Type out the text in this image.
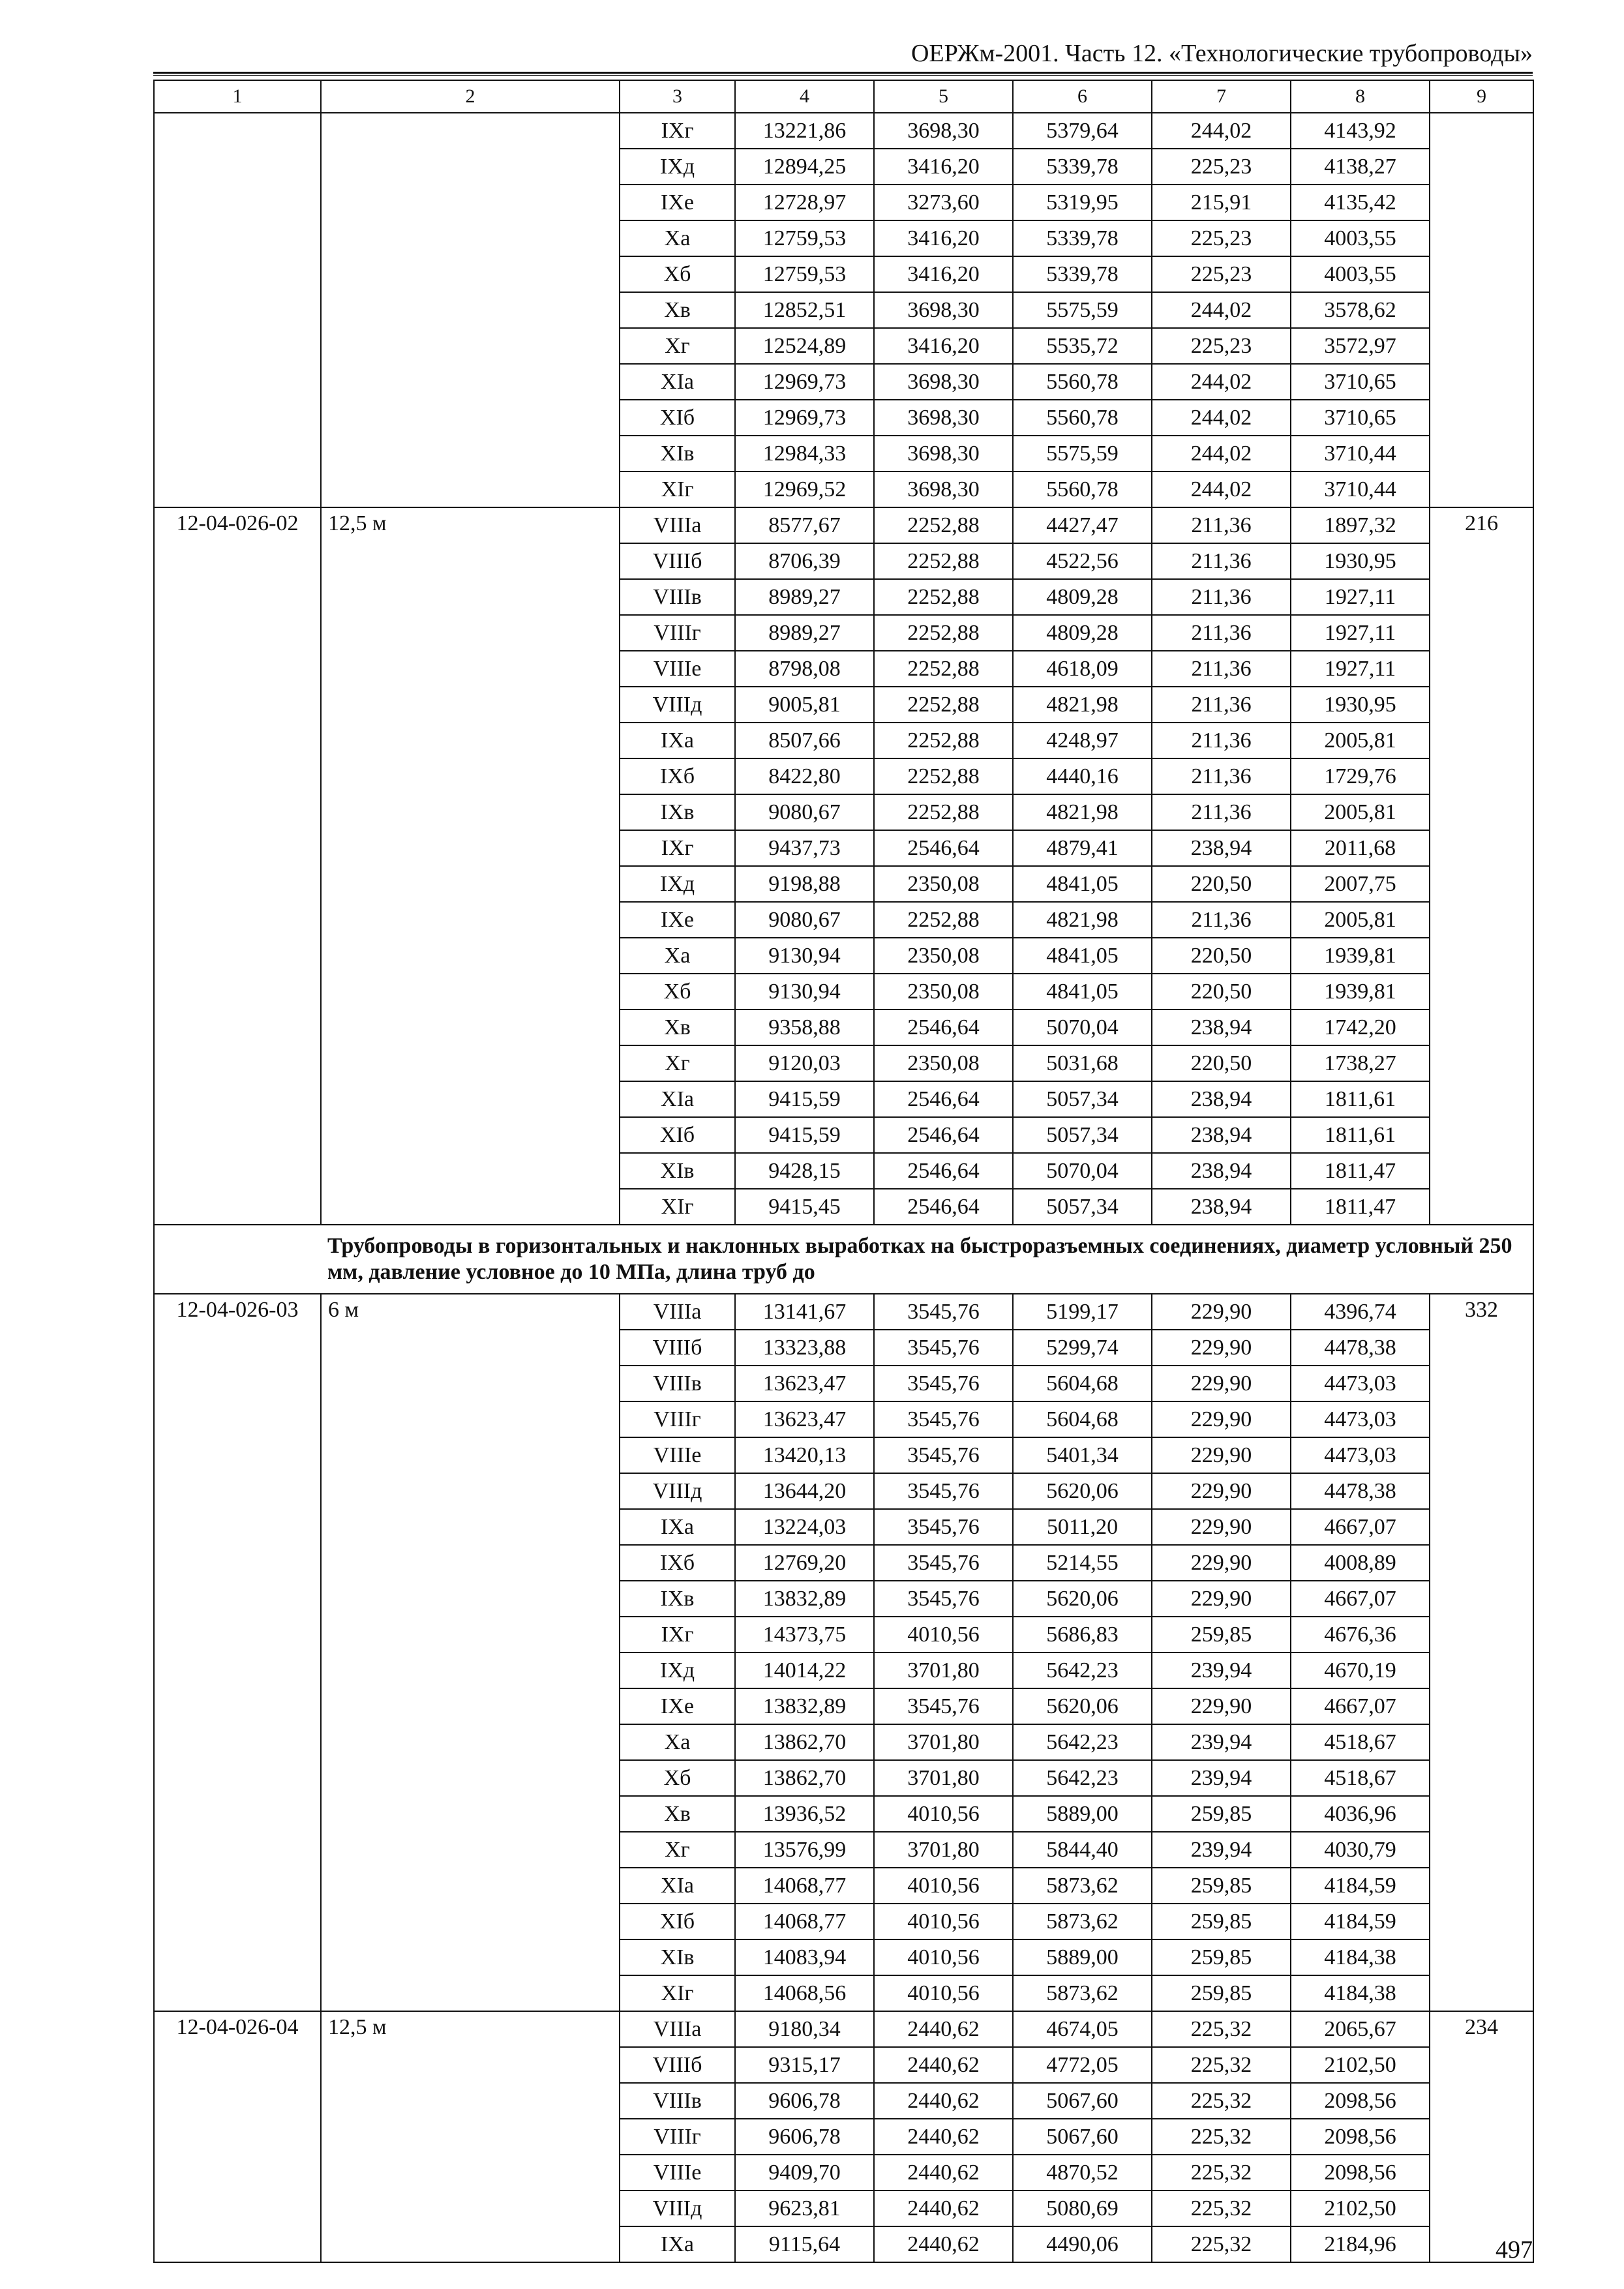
ОЕРЖм-2001. Часть 12. «Технологические трубопроводы»
1	2	3	4	5	6	7	8	9
		IXг	13221,86	3698,30	5379,64	244,02	4143,92	
		IXд	12894,25	3416,20	5339,78	225,23	4138,27	
		IXе	12728,97	3273,60	5319,95	215,91	4135,42	
		Xа	12759,53	3416,20	5339,78	225,23	4003,55	
		Xб	12759,53	3416,20	5339,78	225,23	4003,55	
		Xв	12852,51	3698,30	5575,59	244,02	3578,62	
		Xг	12524,89	3416,20	5535,72	225,23	3572,97	
		XIа	12969,73	3698,30	5560,78	244,02	3710,65	
		XIб	12969,73	3698,30	5560,78	244,02	3710,65	
		XIв	12984,33	3698,30	5575,59	244,02	3710,44	
		XIг	12969,52	3698,30	5560,78	244,02	3710,44	
12-04-026-02	12,5 м	VIIIа	8577,67	2252,88	4427,47	211,36	1897,32	216
		VIIIб	8706,39	2252,88	4522,56	211,36	1930,95	
		VIIIв	8989,27	2252,88	4809,28	211,36	1927,11	
		VIIIг	8989,27	2252,88	4809,28	211,36	1927,11	
		VIIIе	8798,08	2252,88	4618,09	211,36	1927,11	
		VIIIд	9005,81	2252,88	4821,98	211,36	1930,95	
		IXа	8507,66	2252,88	4248,97	211,36	2005,81	
		IXб	8422,80	2252,88	4440,16	211,36	1729,76	
		IXв	9080,67	2252,88	4821,98	211,36	2005,81	
		IXг	9437,73	2546,64	4879,41	238,94	2011,68	
		IXд	9198,88	2350,08	4841,05	220,50	2007,75	
		IXе	9080,67	2252,88	4821,98	211,36	2005,81	
		Xа	9130,94	2350,08	4841,05	220,50	1939,81	
		Xб	9130,94	2350,08	4841,05	220,50	1939,81	
		Xв	9358,88	2546,64	5070,04	238,94	1742,20	
		Xг	9120,03	2350,08	5031,68	220,50	1738,27	
		XIа	9415,59	2546,64	5057,34	238,94	1811,61	
		XIб	9415,59	2546,64	5057,34	238,94	1811,61	
		XIв	9428,15	2546,64	5070,04	238,94	1811,47	
		XIг	9415,45	2546,64	5057,34	238,94	1811,47	
	Трубопроводы в горизонтальных и наклонных выработках на быстроразъемных соединениях, диаметр условный 250 мм, давление условное до 10 МПа, длина труб до							
12-04-026-03	6 м	VIIIа	13141,67	3545,76	5199,17	229,90	4396,74	332
		VIIIб	13323,88	3545,76	5299,74	229,90	4478,38	
		VIIIв	13623,47	3545,76	5604,68	229,90	4473,03	
		VIIIг	13623,47	3545,76	5604,68	229,90	4473,03	
		VIIIе	13420,13	3545,76	5401,34	229,90	4473,03	
		VIIIд	13644,20	3545,76	5620,06	229,90	4478,38	
		IXа	13224,03	3545,76	5011,20	229,90	4667,07	
		IXб	12769,20	3545,76	5214,55	229,90	4008,89	
		IXв	13832,89	3545,76	5620,06	229,90	4667,07	
		IXг	14373,75	4010,56	5686,83	259,85	4676,36	
		IXд	14014,22	3701,80	5642,23	239,94	4670,19	
		IXе	13832,89	3545,76	5620,06	229,90	4667,07	
		Xа	13862,70	3701,80	5642,23	239,94	4518,67	
		Xб	13862,70	3701,80	5642,23	239,94	4518,67	
		Xв	13936,52	4010,56	5889,00	259,85	4036,96	
		Xг	13576,99	3701,80	5844,40	239,94	4030,79	
		XIа	14068,77	4010,56	5873,62	259,85	4184,59	
		XIб	14068,77	4010,56	5873,62	259,85	4184,59	
		XIв	14083,94	4010,56	5889,00	259,85	4184,38	
		XIг	14068,56	4010,56	5873,62	259,85	4184,38	
12-04-026-04	12,5 м	VIIIа	9180,34	2440,62	4674,05	225,32	2065,67	234
		VIIIб	9315,17	2440,62	4772,05	225,32	2102,50	
		VIIIв	9606,78	2440,62	5067,60	225,32	2098,56	
		VIIIг	9606,78	2440,62	5067,60	225,32	2098,56	
		VIIIе	9409,70	2440,62	4870,52	225,32	2098,56	
		VIIIд	9623,81	2440,62	5080,69	225,32	2102,50	
		IXа	9115,64	2440,62	4490,06	225,32	2184,96		497
